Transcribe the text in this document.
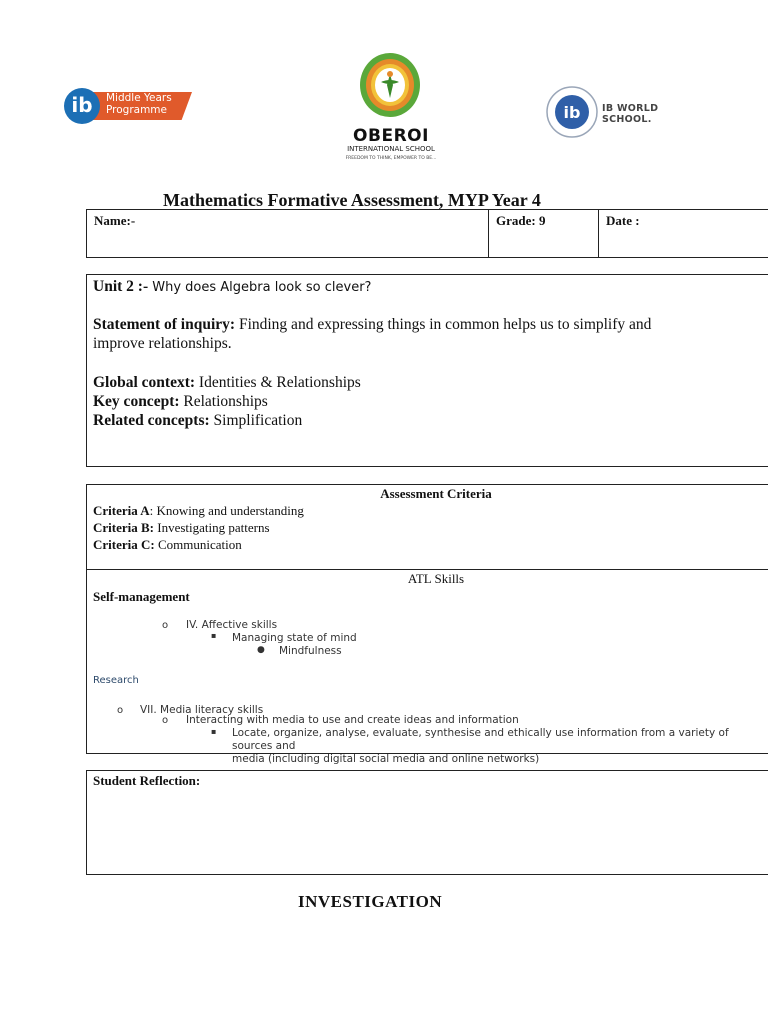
ib	Middle Years
Programme
OBEROI
INTERNATIONAL SCHOOL
FREEDOM TO THINK, EMPOWER TO BE...
ib IB WORLD SCHOOL.
Mathematics Formative Assessment, MYP Year 4
Name:-	Grade: 9	Date :
Unit 2 :- Why does Algebra look so clever?
Statement of inquiry: Finding and expressing things in common helps us to simplify and
improve relationships.
Global context: Identities & Relationships
Key concept: Relationships
Related concepts: Simplification
Assessment Criteria
Criteria A: Knowing and understanding
Criteria B: Investigating patterns
Criteria C: Communication
ATL Skills
Self-management
o IV. Affective skills
▪ Managing state of mind
● Mindfulness
Research
o VII. Media literacy skills
o Interacting with media to use and create ideas and information
▪ Locate, organize, analyse, evaluate, synthesise and ethically use information from a variety of sources and
media (including digital social media and online networks)
Student Reflection:
INVESTIGATION
